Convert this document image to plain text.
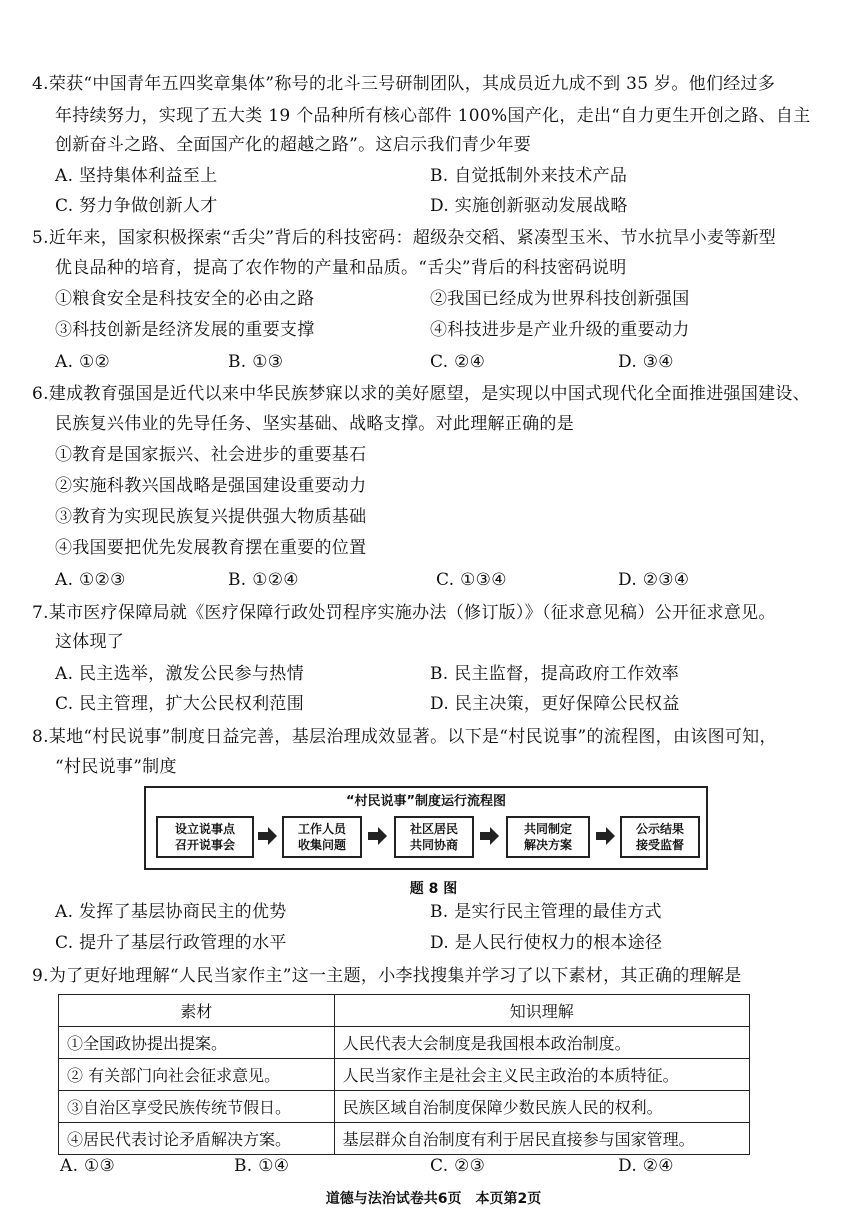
4.荣获“中国青年五四奖章集体”称号的北斗三号研制团队，其成员近九成不到 35 岁。他们经过多
年持续努力，实现了五大类 19 个品种所有核心部件 100%国产化，走出“自力更生开创之路、自主
创新奋斗之路、全面国产化的超越之路”。这启示我们青少年要
A. 坚持集体利益至上	B. 自觉抵制外来技术产品
C. 努力争做创新人才	D. 实施创新驱动发展战略
5.近年来，国家积极探索“舌尖”背后的科技密码：超级杂交稻、紧凑型玉米、节水抗旱小麦等新型
优良品种的培育，提高了农作物的产量和品质。“舌尖”背后的科技密码说明
①粮食安全是科技安全的必由之路	②我国已经成为世界科技创新强国
③科技创新是经济发展的重要支撑	④科技进步是产业升级的重要动力
A. ①②	B. ①③	C. ②④	D. ③④
6.建成教育强国是近代以来中华民族梦寐以求的美好愿望，是实现以中国式现代化全面推进强国建设、
民族复兴伟业的先导任务、坚实基础、战略支撑。对此理解正确的是
①教育是国家振兴、社会进步的重要基石
②实施科教兴国战略是强国建设重要动力
③教育为实现民族复兴提供强大物质基础
④我国要把优先发展教育摆在重要的位置
A. ①②③	B. ①②④	C. ①③④	D. ②③④
7.某市医疗保障局就《医疗保障行政处罚程序实施办法（修订版）》（征求意见稿）公开征求意见。
这体现了
A. 民主选举，激发公民参与热情	B. 民主监督，提高政府工作效率
C. 民主管理，扩大公民权利范围	D. 民主决策，更好保障公民权益
8.某地“村民说事”制度日益完善，基层治理成效显著。以下是“村民说事”的流程图，由该图可知，
“村民说事”制度
“村民说事”制度运行流程图
设立说事点
召开说事会
工作人员
收集问题
社区居民
共同协商
共同制定
解决方案
公示结果
接受监督
题 8 图
A. 发挥了基层协商民主的优势	B. 是实行民主管理的最佳方式
C. 提升了基层行政管理的水平	D. 是人民行使权力的根本途径
9.为了更好地理解“人民当家作主”这一主题，小李找搜集并学习了以下素材，其正确的理解是
素材	知识理解
①全国政协提出提案。	人民代表大会制度是我国根本政治制度。
② 有关部门向社会征求意见。	人民当家作主是社会主义民主政治的本质特征。
③自治区享受民族传统节假日。	民族区域自治制度保障少数民族人民的权利。
④居民代表讨论矛盾解决方案。	基层群众自治制度有利于居民直接参与国家管理。
A. ①③	B. ①④	C. ②③	D. ②④
道德与法治试卷共6页　本页第2页
